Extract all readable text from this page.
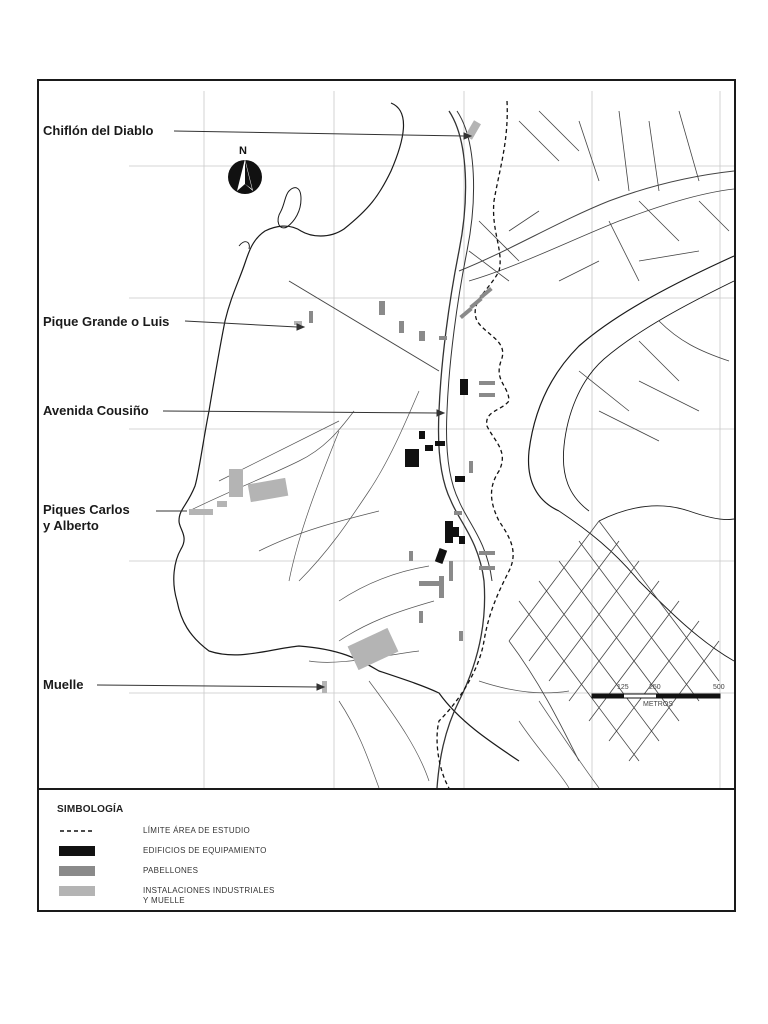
N
125	250	500
METROS
Chiflón del Diablo
Pique Grande o Luis
Avenida Cousiño
Piques Carlos
y Alberto
Muelle
SIMBOLOGÍA
LÍMITE ÁREA DE ESTUDIO
EDIFICIOS DE EQUIPAMIENTO
PABELLONES
INSTALACIONES INDUSTRIALES
Y MUELLE
